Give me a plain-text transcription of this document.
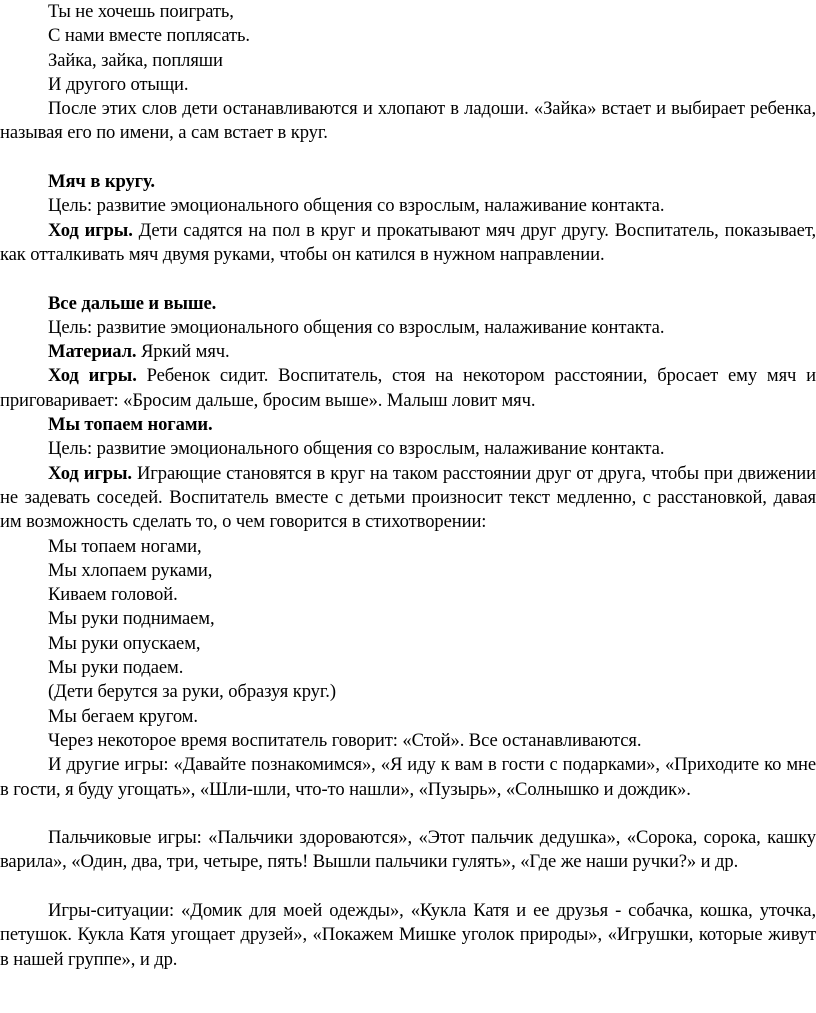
Ты не хочешь поиграть,

С нами вместе поплясать.

Зайка, зайка, попляши

И другого отыщи.

После этих слов дети останавливаются и хлопают в ладоши. «Зайка» встает и выбирает ребенка, называя его по имени, а сам встает в круг.

Мяч в кругу.

Цель: развитие эмоционального общения со взрослым, налаживание контакта.

Ход игры. Дети садятся на пол в круг и прокатывают мяч друг другу. Воспитатель, показывает, как отталкивать мяч двумя руками, чтобы он катился в нужном направлении.

Все дальше и выше.

Цель: развитие эмоционального общения со взрослым, налаживание контакта.

Материал. Яркий мяч.

Ход игры. Ребенок сидит. Воспитатель, стоя на некотором расстоянии, бросает ему мяч и приговаривает: «Бросим дальше, бросим выше». Малыш ловит мяч.

Мы топаем ногами.

Цель: развитие эмоционального общения со взрослым, налаживание контакта.

Ход игры. Играющие становятся в круг на таком расстоянии друг от друга, чтобы при движении не задевать соседей. Воспитатель вместе с детьми произносит текст медленно, с расстановкой, давая им возможность сделать то, о чем говорится в стихотворении:

Мы топаем ногами,

Мы хлопаем руками,

Киваем головой.

Мы руки поднимаем,

Мы руки опускаем,

Мы руки подаем.

(Дети берутся за руки, образуя круг.)

Мы бегаем кругом.

Через некоторое время воспитатель говорит: «Стой». Все останавливаются.

И другие игры: «Давайте познакомимся», «Я иду к вам в гости с подарками», «Приходите ко мне в гости, я буду угощать», «Шли-шли, что-то нашли», «Пузырь», «Солнышко и дождик».

Пальчиковые игры: «Пальчики здороваются», «Этот пальчик дедушка», «Сорока, сорока, кашку варила», «Один, два, три, четыре, пять! Вышли пальчики гулять», «Где же наши ручки?» и др.

Игры-ситуации: «Домик для моей одежды», «Кукла Катя и ее друзья - собачка, кошка, уточка, петушок. Кукла Катя угощает друзей», «Покажем Мишке уголок природы», «Игрушки, которые живут в нашей группе», и др.
